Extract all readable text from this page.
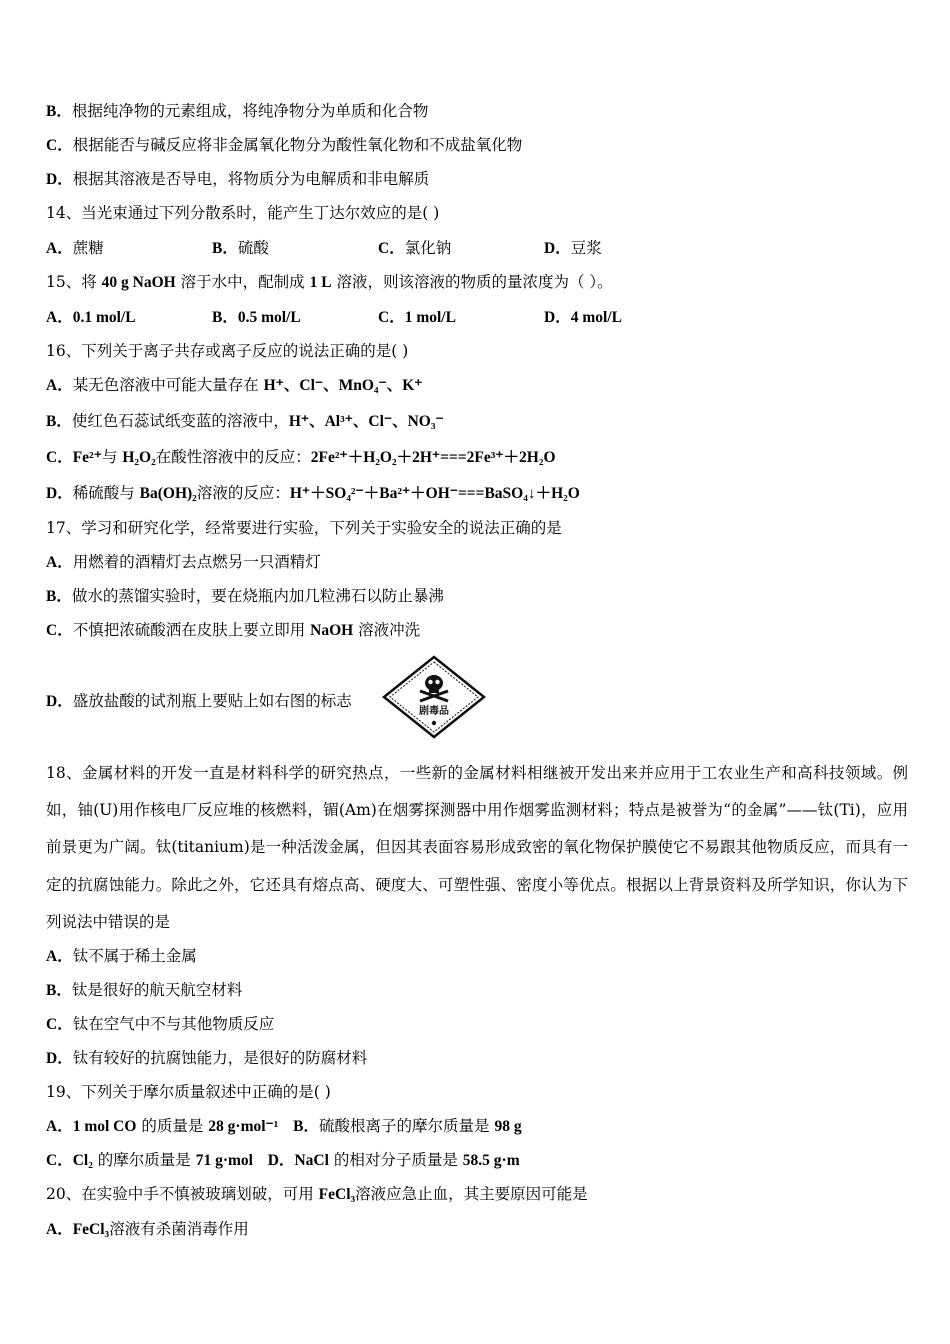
B．根据纯净物的元素组成，将纯净物分为单质和化合物
C．根据能否与碱反应将非金属氧化物分为酸性氧化物和不成盐氧化物
D．根据其溶液是否导电，将物质分为电解质和非电解质
14、当光束通过下列分散系时，能产生丁达尔效应的是( )
A．蔗糖	B．硫酸	C．氯化钠	D．豆浆
15、将 40 g NaOH 溶于水中，配制成 1 L 溶液，则该溶液的物质的量浓度为（ ）。
A．0.1 mol/L	B．0.5 mol/L	C．1 mol/L	D．4 mol/L
16、下列关于离子共存或离子反应的说法正确的是( )
A．某无色溶液中可能大量存在 H⁺、Cl⁻、MnO₄⁻、K⁺
B．使红色石蕊试纸变蓝的溶液中，H⁺、Al³⁺、Cl⁻、NO₃⁻
C．Fe²⁺与 H₂O₂在酸性溶液中的反应：2Fe²⁺＋H₂O₂＋2H⁺===2Fe³⁺＋2H₂O
D．稀硫酸与 Ba(OH)₂溶液的反应：H⁺＋SO₄²⁻＋Ba²⁺＋OH⁻===BaSO₄↓＋H₂O
17、学习和研究化学，经常要进行实验，下列关于实验安全的说法正确的是
A．用燃着的酒精灯去点燃另一只酒精灯
B．做水的蒸馏实验时，要在烧瓶内加几粒沸石以防止暴沸
C．不慎把浓硫酸洒在皮肤上要立即用 NaOH 溶液冲洗
D．盛放盐酸的试剂瓶上要贴上如右图的标志
剧毒品
18、金属材料的开发一直是材料科学的研究热点，一些新的金属材料相继被开发出来并应用于工农业生产和高科技领域。例如，铀(U)用作核电厂反应堆的核燃料，镅(Am)在烟雾探测器中用作烟雾监测材料；特点是被誉为“的金属”——钛(Ti)，应用前景更为广阔。钛(titanium)是一种活泼金属，但因其表面容易形成致密的氧化物保护膜使它不易跟其他物质反应，而具有一定的抗腐蚀能力。除此之外，它还具有熔点高、硬度大、可塑性强、密度小等优点。根据以上背景资料及所学知识，你认为下列说法中错误的是
A．钛不属于稀土金属
B．钛是很好的航天航空材料
C．钛在空气中不与其他物质反应
D．钛有较好的抗腐蚀能力，是很好的防腐材料
19、下列关于摩尔质量叙述中正确的是( )
A．1 mol CO 的质量是 28 g·mol⁻¹ B．硫酸根离子的摩尔质量是 98 g
C．Cl₂ 的摩尔质量是 71 g·mol D．NaCl 的相对分子质量是 58.5 g·m
20、在实验中手不慎被玻璃划破，可用 FeCl₃溶液应急止血，其主要原因可能是
A．FeCl₃溶液有杀菌消毒作用
